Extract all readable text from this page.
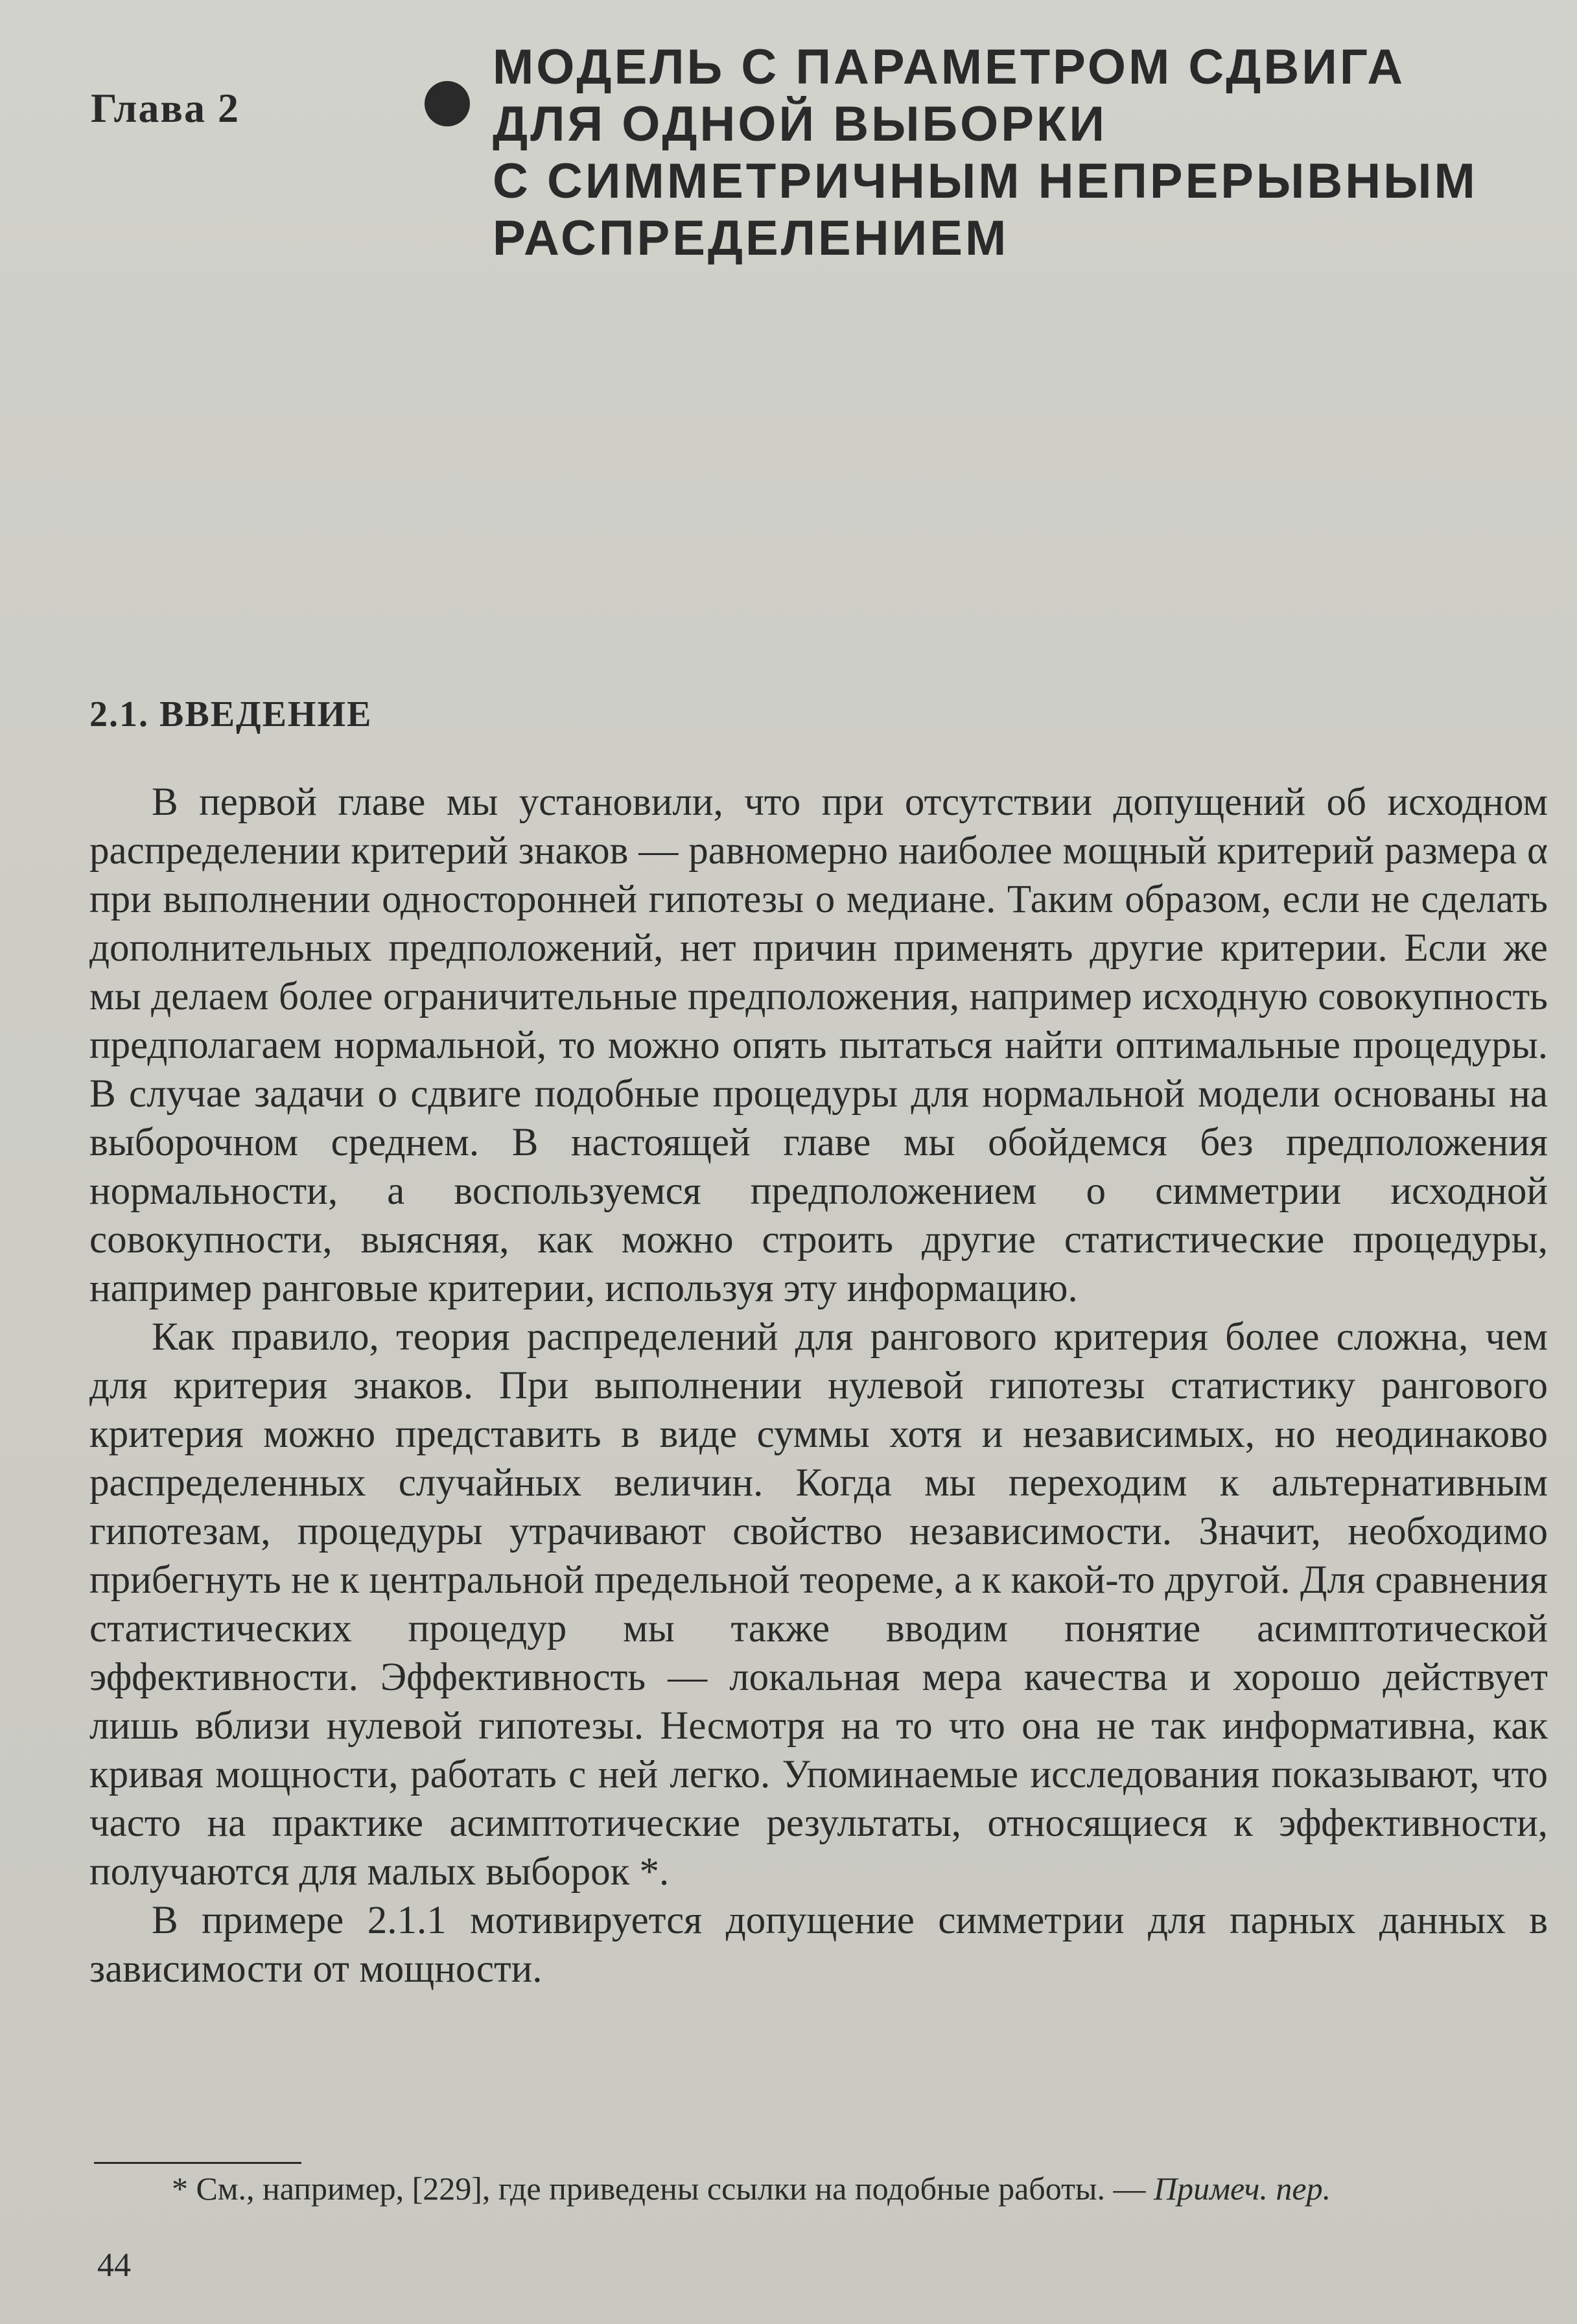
Глава 2
МОДЕЛЬ С ПАРАМЕТРОМ СДВИГА
ДЛЯ ОДНОЙ ВЫБОРКИ
С СИММЕТРИЧНЫМ НЕПРЕРЫВНЫМ
РАСПРЕДЕЛЕНИЕМ
2.1. ВВЕДЕНИЕ

В первой главе мы установили, что при отсутствии допущений об исходном распределении критерий знаков — равномерно наиболее мощный критерий размера α при выполнении односторонней гипотезы о медиане. Таким образом, если не сделать дополнительных предположений, нет причин применять другие критерии. Если же мы делаем более ограничительные предположения, например исходную совокупность предполагаем нормальной, то можно опять пытаться найти оптимальные процедуры. В случае задачи о сдвиге подобные процедуры для нормальной модели основаны на выборочном среднем. В настоящей главе мы обойдемся без предположения нормальности, а воспользуемся предположением о симметрии исходной совокупности, выясняя, как можно строить другие статистические процедуры, например ранговые критерии, используя эту информацию.

Как правило, теория распределений для рангового критерия более сложна, чем для критерия знаков. При выполнении нулевой гипотезы статистику рангового критерия можно представить в виде суммы хотя и независимых, но неодинаково распределенных случайных величин. Когда мы переходим к альтернативным гипотезам, процедуры утрачивают свойство независимости. Значит, необходимо прибегнуть не к центральной предельной теореме, а к какой-то другой. Для сравнения статистических процедур мы также вводим понятие асимптотической эффективности. Эффективность — локальная мера качества и хорошо действует лишь вблизи нулевой гипотезы. Несмотря на то что она не так информативна, как кривая мощности, работать с ней легко. Упоминаемые исследования показывают, что часто на практике асимптотические результаты, относящиеся к эффективности, получаются для малых выборок *.

В примере 2.1.1 мотивируется допущение симметрии для парных данных в зависимости от мощности.

* См., например, [229], где приведены ссылки на подобные работы. — Примеч. пер.
44
